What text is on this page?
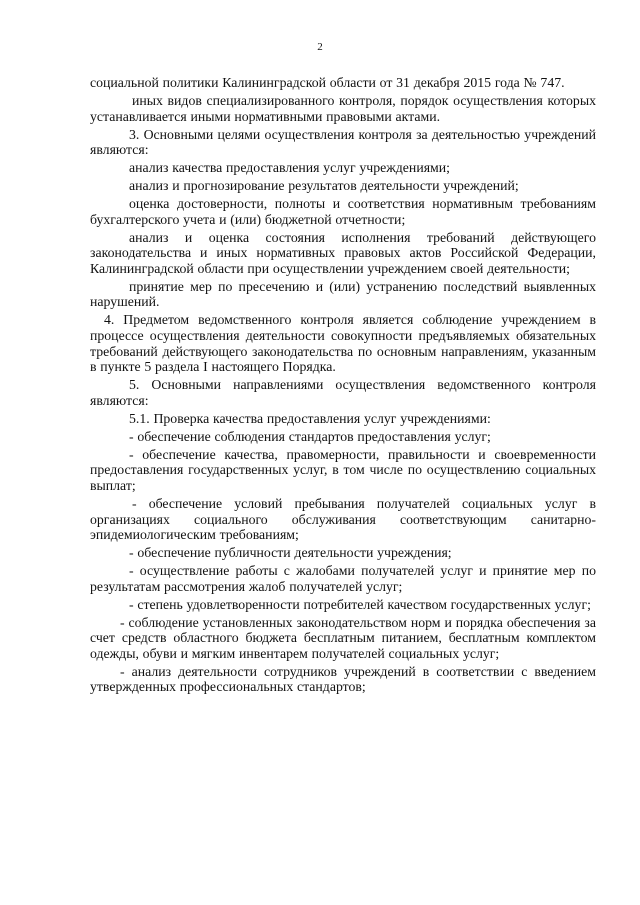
2

социальной политики Калининградской области от 31 декабря 2015 года № 747.

иных видов специализированного контроля, порядок осуществления которых устанавливается иными нормативными правовыми актами.

3. Основными целями осуществления контроля за деятельностью учреждений являются:

анализ качества предоставления услуг учреждениями;

анализ и прогнозирование результатов деятельности учреждений;

оценка достоверности, полноты и соответствия нормативным требованиям бухгалтерского учета и (или) бюджетной отчетности;

анализ и оценка состояния исполнения требований действующего законодательства и иных нормативных правовых актов Российской Федерации, Калининградской области при осуществлении учреждением своей деятельности;

принятие мер по пресечению и (или) устранению последствий выявленных нарушений.

4. Предметом ведомственного контроля является соблюдение учреждением в процессе осуществления деятельности совокупности предъявляемых обязательных требований действующего законодательства по основным направлениям, указанным в пункте 5 раздела I настоящего Порядка.

5. Основными направлениями осуществления ведомственного контроля являются:

5.1. Проверка качества предоставления услуг учреждениями:

- обеспечение соблюдения стандартов предоставления услуг;

- обеспечение качества, правомерности, правильности и своевременности предоставления государственных услуг, в том числе по осуществлению социальных выплат;

- обеспечение условий пребывания получателей социальных услуг в организациях социального обслуживания соответствующим санитарно-эпидемиологическим требованиям;

- обеспечение публичности деятельности учреждения;

- осуществление работы с жалобами получателей услуг и принятие мер по результатам рассмотрения жалоб получателей услуг;

- степень удовлетворенности потребителей качеством государственных услуг;

- соблюдение установленных законодательством норм и порядка обеспечения за счет средств областного бюджета бесплатным питанием, бесплатным комплектом одежды, обуви и мягким инвентарем получателей социальных услуг;

- анализ деятельности сотрудников учреждений в соответствии с введением утвержденных профессиональных стандартов;
